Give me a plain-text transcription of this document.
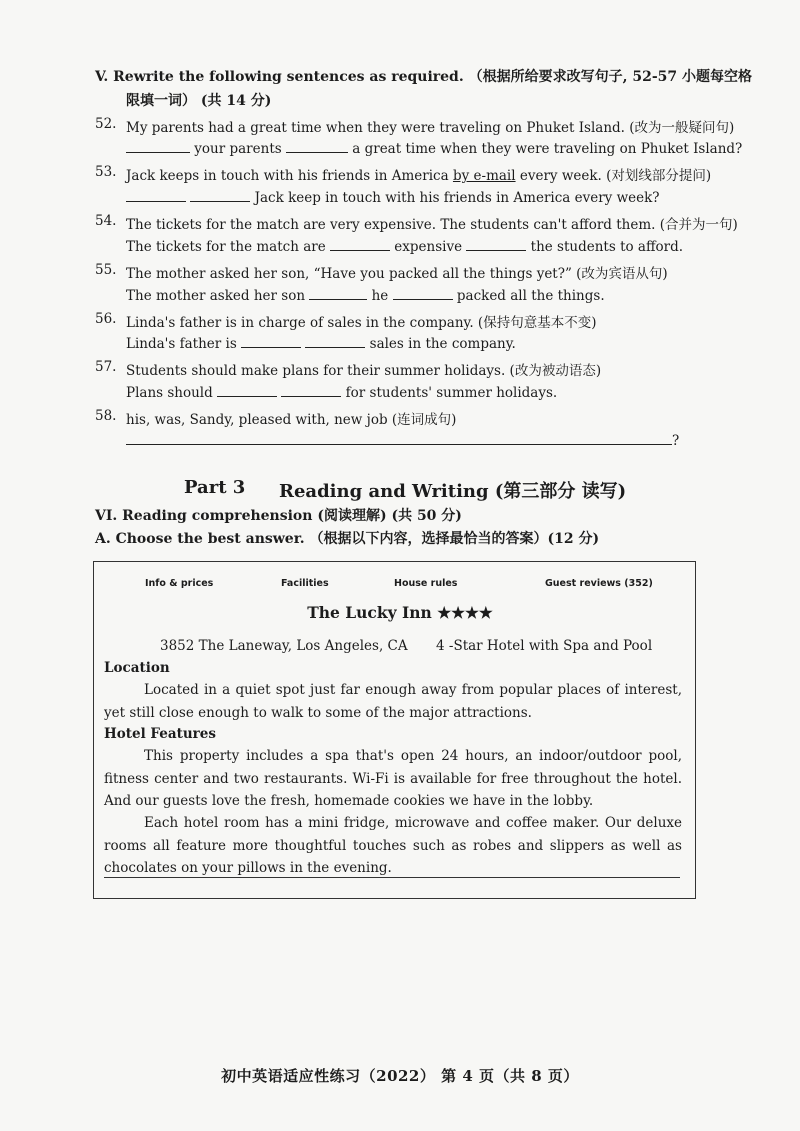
V. Rewrite the following sentences as required. （根据所给要求改写句子, 52-57 小题每空格
限填一词） (共 14 分)
52. My parents had a great time when they were traveling on Phuket Island. (改为一般疑问句)
your parents	a great time when they were traveling on Phuket Island?
53. Jack keeps in touch with his friends in America by e-mail every week. (对划线部分提问)
Jack keep in touch with his friends in America every week?
54. The tickets for the match are very expensive. The students can't afford them. (合并为一句)
The tickets for the match are	expensive	the students to afford.
55. The mother asked her son, “Have you packed all the things yet?” (改为宾语从句)
The mother asked her son	he	packed all the things.
56. Linda's father is in charge of sales in the company. (保持句意基本不变)
Linda's father is	sales in the company.
57. Students should make plans for their summer holidays. (改为被动语态)
Plans should	for students' summer holidays.
58. his, was, Sandy, pleased with, new job (连词成句)
?
Part 3 Reading and Writing (第三部分 读写)
VI. Reading comprehension (阅读理解) (共 50 分)
A. Choose the best answer. （根据以下内容，选择最恰当的答案）(12 分)
Info & prices	Facilities	House rules	Guest reviews (352)
The Lucky Inn ★★★★
3852 The Laneway, Los Angeles, CA 4 -Star Hotel with Spa and Pool
Location

Located in a quiet spot just far enough away from popular places of interest, yet still close enough to walk to some of the major attractions.

Hotel Features

This property includes a spa that's open 24 hours, an indoor/outdoor pool, fitness center and two restaurants. Wi-Fi is available for free throughout the hotel. And our guests love the fresh, homemade cookies we have in the lobby.

Each hotel room has a mini fridge, microwave and coffee maker. Our deluxe rooms all feature more thoughtful touches such as robes and slippers as well as chocolates on your pillows in the evening.

初中英语适应性练习（2022） 第 4 页（共 8 页）
